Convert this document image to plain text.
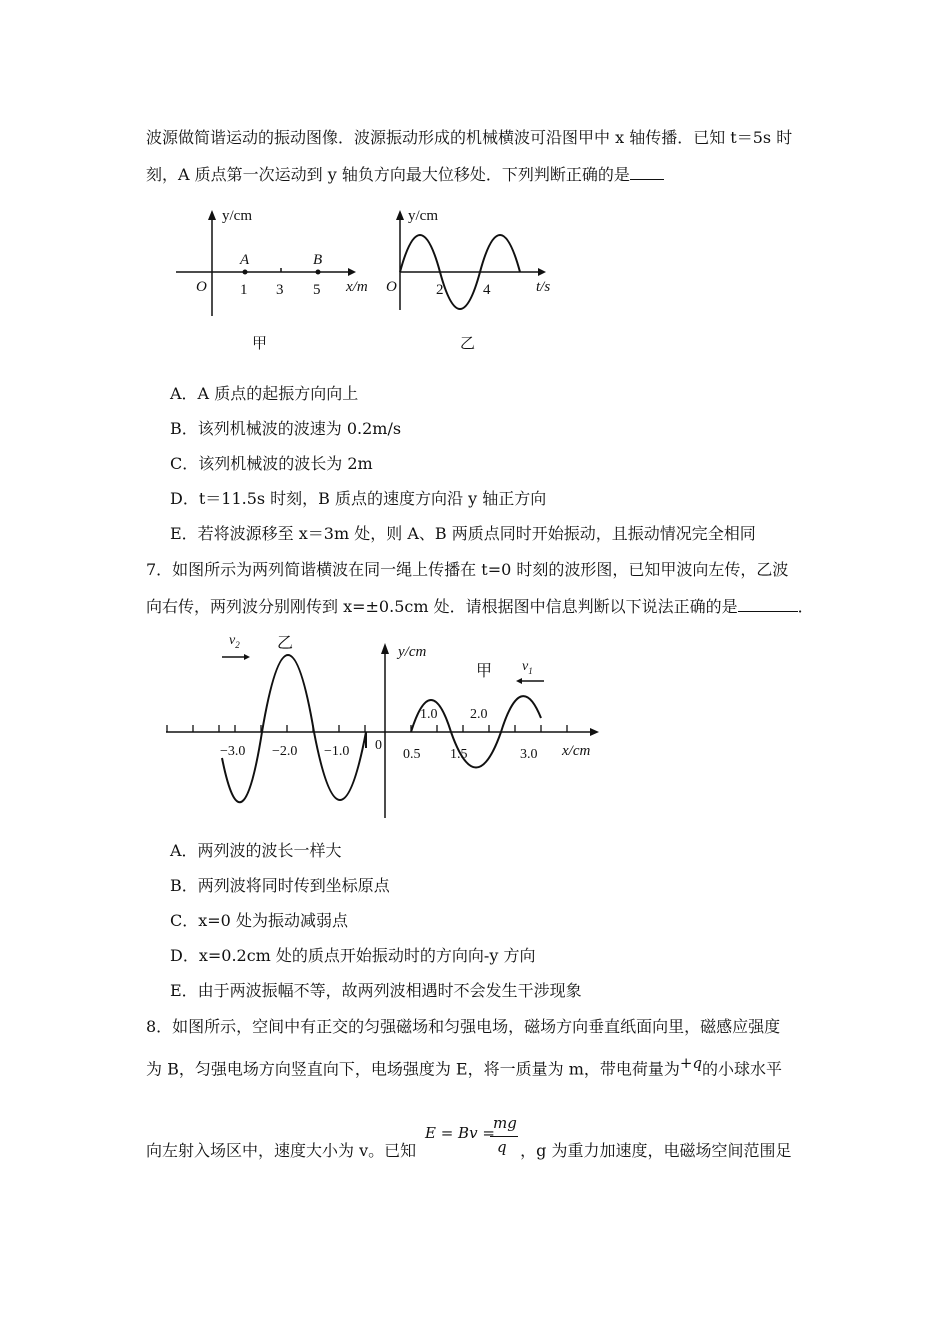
波源做简谐运动的振动图像．波源振动形成的机械横波可沿图甲中 x 轴传播．已知 t＝5s 时
刻，A 质点第一次运动到 y 轴负方向最大位移处．下列判断正确的是
y/cm
O
A	B
1 3 5 x/m
甲
y/cm
O	2	4	t/s
乙
A．A 质点的起振方向向上
B．该列机械波的波速为 0.2m/s
C．该列机械波的波长为 2m
D．t＝11.5s 时刻，B 质点的速度方向沿 y 轴正方向
E．若将波源移至 x＝3m 处，则 A、B 两质点同时开始振动，且振动情况完全相同
7．如图所示为两列简谐横波在同一绳上传播在 t=0 时刻的波形图，已知甲波向左传，乙波
向右传，两列波分别刚传到 x=±0.5cm 处．请根据图中信息判断以下说法正确的是	．
y/cm
−3.0 −2.0 −1.0 0
0.5 1.5	3.0
1.0 2.0
x/cm
乙
甲
$v_2$
$v_1$
A．两列波的波长一样大
B．两列波将同时传到坐标原点
C．x=0 处为振动减弱点
D．x=0.2cm 处的质点开始振动时的方向向-y 方向
E．由于两波振幅不等，故两列波相遇时不会发生干涉现象
8．如图所示，空间中有正交的匀强磁场和匀强电场，磁场方向垂直纸面向里，磁感应强度
为 B，匀强电场方向竖直向下，电场强度为 E，将一质量为 m，带电荷量为$^{+q}$的小球水平
向左射入场区中，速度大小为 v。已知	，g 为重力加速度，电磁场空间范围足
E = Bv =
mg
q
